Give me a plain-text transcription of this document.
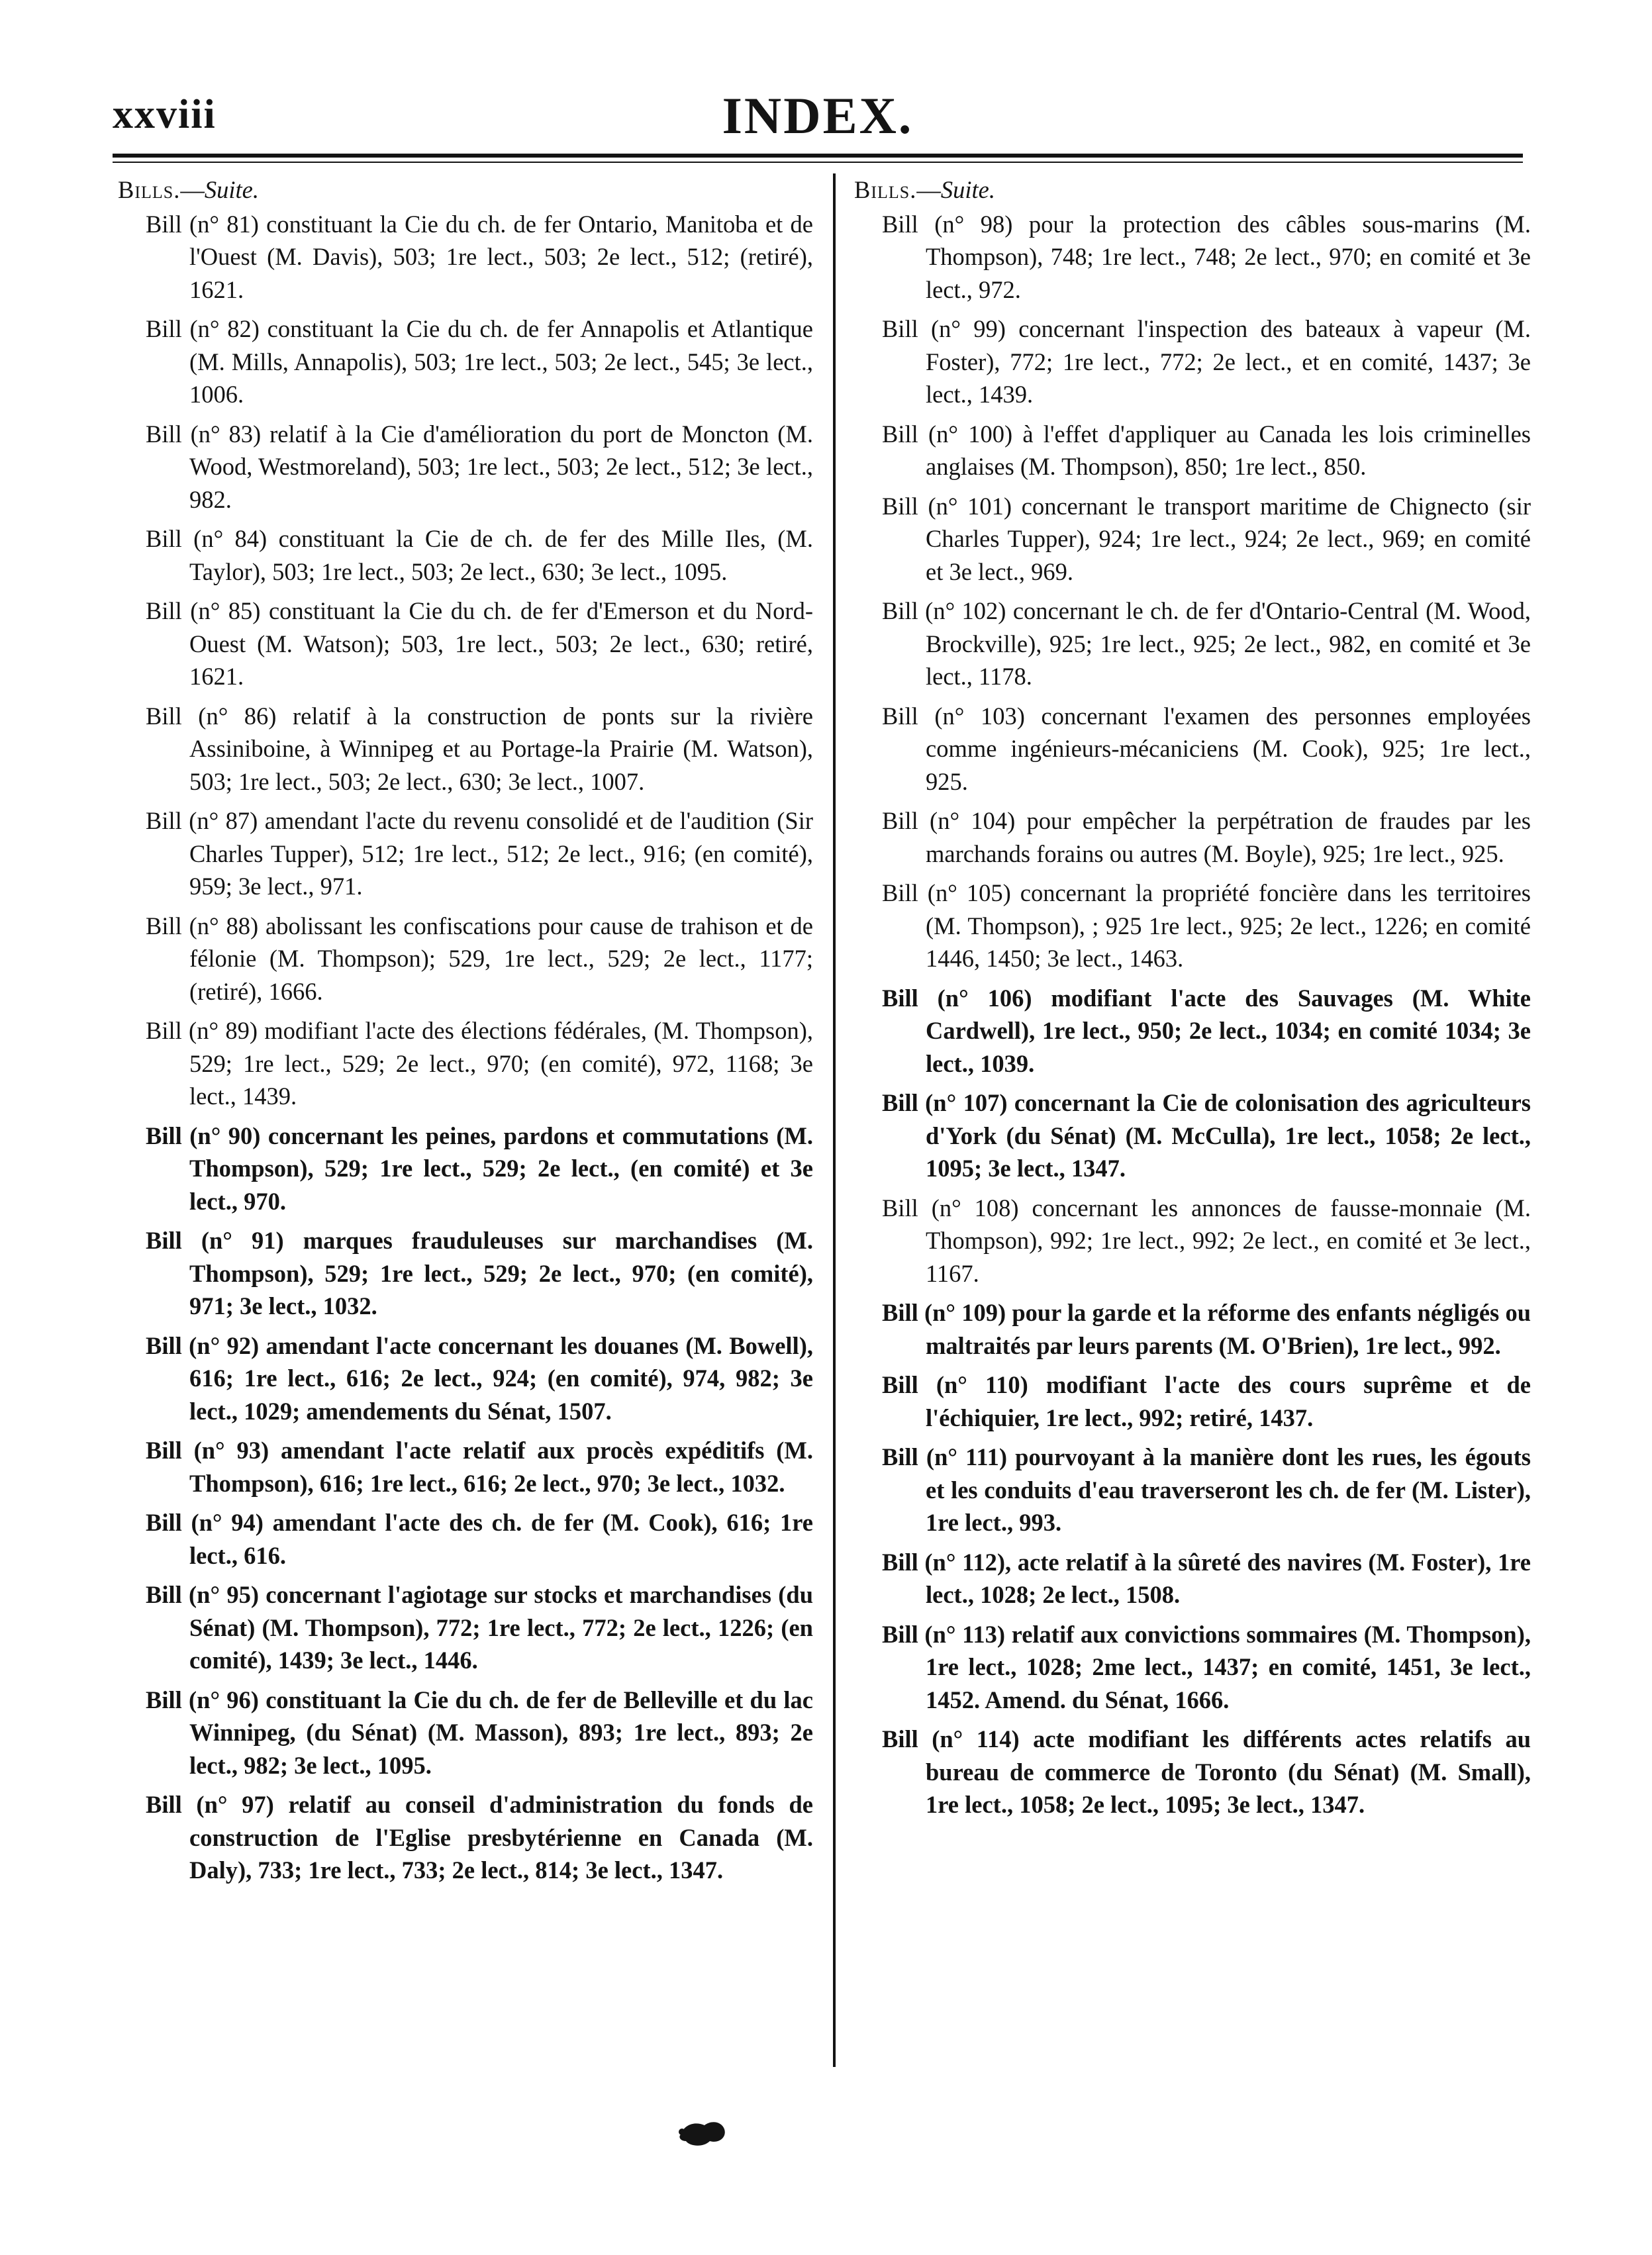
xxviii	INDEX.
Bills.—Suite.
Bill (n° 81) constituant la Cie du ch. de fer Ontario, Manitoba et de l'Ouest (M. Davis), 503; 1re lect., 503; 2e lect., 512; (retiré), 1621.
Bill (n° 82) constituant la Cie du ch. de fer Annapolis et Atlantique (M. Mills, Annapolis), 503; 1re lect., 503; 2e lect., 545; 3e lect., 1006.
Bill (n° 83) relatif à la Cie d'amélioration du port de Moncton (M. Wood, Westmoreland), 503; 1re lect., 503; 2e lect., 512; 3e lect., 982.
Bill (n° 84) constituant la Cie de ch. de fer des Mille Iles, (M. Taylor), 503; 1re lect., 503; 2e lect., 630; 3e lect., 1095.
Bill (n° 85) constituant la Cie du ch. de fer d'Emerson et du Nord-Ouest (M. Watson); 503, 1re lect., 503; 2e lect., 630; retiré, 1621.
Bill (n° 86) relatif à la construction de ponts sur la rivière Assiniboine, à Winnipeg et au Portage-la Prairie (M. Watson), 503; 1re lect., 503; 2e lect., 630; 3e lect., 1007.
Bill (n° 87) amendant l'acte du revenu consolidé et de l'audition (Sir Charles Tupper), 512; 1re lect., 512; 2e lect., 916; (en comité), 959; 3e lect., 971.
Bill (n° 88) abolissant les confiscations pour cause de trahison et de félonie (M. Thompson); 529, 1re lect., 529; 2e lect., 1177; (retiré), 1666.
Bill (n° 89) modifiant l'acte des élections fédérales, (M. Thompson), 529; 1re lect., 529; 2e lect., 970; (en comité), 972, 1168; 3e lect., 1439.
Bill (n° 90) concernant les peines, pardons et commutations (M. Thompson), 529; 1re lect., 529; 2e lect., (en comité) et 3e lect., 970.
Bill (n° 91) marques frauduleuses sur marchandises (M. Thompson), 529; 1re lect., 529; 2e lect., 970; (en comité), 971; 3e lect., 1032.
Bill (n° 92) amendant l'acte concernant les douanes (M. Bowell), 616; 1re lect., 616; 2e lect., 924; (en comité), 974, 982; 3e lect., 1029; amendements du Sénat, 1507.
Bill (n° 93) amendant l'acte relatif aux procès expéditifs (M. Thompson), 616; 1re lect., 616; 2e lect., 970; 3e lect., 1032.
Bill (n° 94) amendant l'acte des ch. de fer (M. Cook), 616; 1re lect., 616.
Bill (n° 95) concernant l'agiotage sur stocks et marchandises (du Sénat) (M. Thompson), 772; 1re lect., 772; 2e lect., 1226; (en comité), 1439; 3e lect., 1446.
Bill (n° 96) constituant la Cie du ch. de fer de Belleville et du lac Winnipeg, (du Sénat) (M. Masson), 893; 1re lect., 893; 2e lect., 982; 3e lect., 1095.
Bill (n° 97) relatif au conseil d'administration du fonds de construction de l'Eglise presbytérienne en Canada (M. Daly), 733; 1re lect., 733; 2e lect., 814; 3e lect., 1347.
Bills.—Suite.
Bill (n° 98) pour la protection des câbles sous-marins (M. Thompson), 748; 1re lect., 748; 2e lect., 970; en comité et 3e lect., 972.
Bill (n° 99) concernant l'inspection des bateaux à vapeur (M. Foster), 772; 1re lect., 772; 2e lect., et en comité, 1437; 3e lect., 1439.
Bill (n° 100) à l'effet d'appliquer au Canada les lois criminelles anglaises (M. Thompson), 850; 1re lect., 850.
Bill (n° 101) concernant le transport maritime de Chignecto (sir Charles Tupper), 924; 1re lect., 924; 2e lect., 969; en comité et 3e lect., 969.
Bill (n° 102) concernant le ch. de fer d'Ontario-Central (M. Wood, Brockville), 925; 1re lect., 925; 2e lect., 982, en comité et 3e lect., 1178.
Bill (n° 103) concernant l'examen des personnes employées comme ingénieurs-mécaniciens (M. Cook), 925; 1re lect., 925.
Bill (n° 104) pour empêcher la perpétration de fraudes par les marchands forains ou autres (M. Boyle), 925; 1re lect., 925.
Bill (n° 105) concernant la propriété foncière dans les territoires (M. Thompson), ; 925 1re lect., 925; 2e lect., 1226; en comité 1446, 1450; 3e lect., 1463.
Bill (n° 106) modifiant l'acte des Sauvages (M. White Cardwell), 1re lect., 950; 2e lect., 1034; en comité 1034; 3e lect., 1039.
Bill (n° 107) concernant la Cie de colonisation des agriculteurs d'York (du Sénat) (M. McCulla), 1re lect., 1058; 2e lect., 1095; 3e lect., 1347.
Bill (n° 108) concernant les annonces de fausse-monnaie (M. Thompson), 992; 1re lect., 992; 2e lect., en comité et 3e lect., 1167.
Bill (n° 109) pour la garde et la réforme des enfants négligés ou maltraités par leurs parents (M. O'Brien), 1re lect., 992.
Bill (n° 110) modifiant l'acte des cours suprême et de l'échiquier, 1re lect., 992; retiré, 1437.
Bill (n° 111) pourvoyant à la manière dont les rues, les égouts et les conduits d'eau traverseront les ch. de fer (M. Lister), 1re lect., 993.
Bill (n° 112), acte relatif à la sûreté des navires (M. Foster), 1re lect., 1028; 2e lect., 1508.
Bill (n° 113) relatif aux convictions sommaires (M. Thompson), 1re lect., 1028; 2me lect., 1437; en comité, 1451, 3e lect., 1452. Amend. du Sénat, 1666.
Bill (n° 114) acte modifiant les différents actes relatifs au bureau de commerce de Toronto (du Sénat) (M. Small), 1re lect., 1058; 2e lect., 1095; 3e lect., 1347.
